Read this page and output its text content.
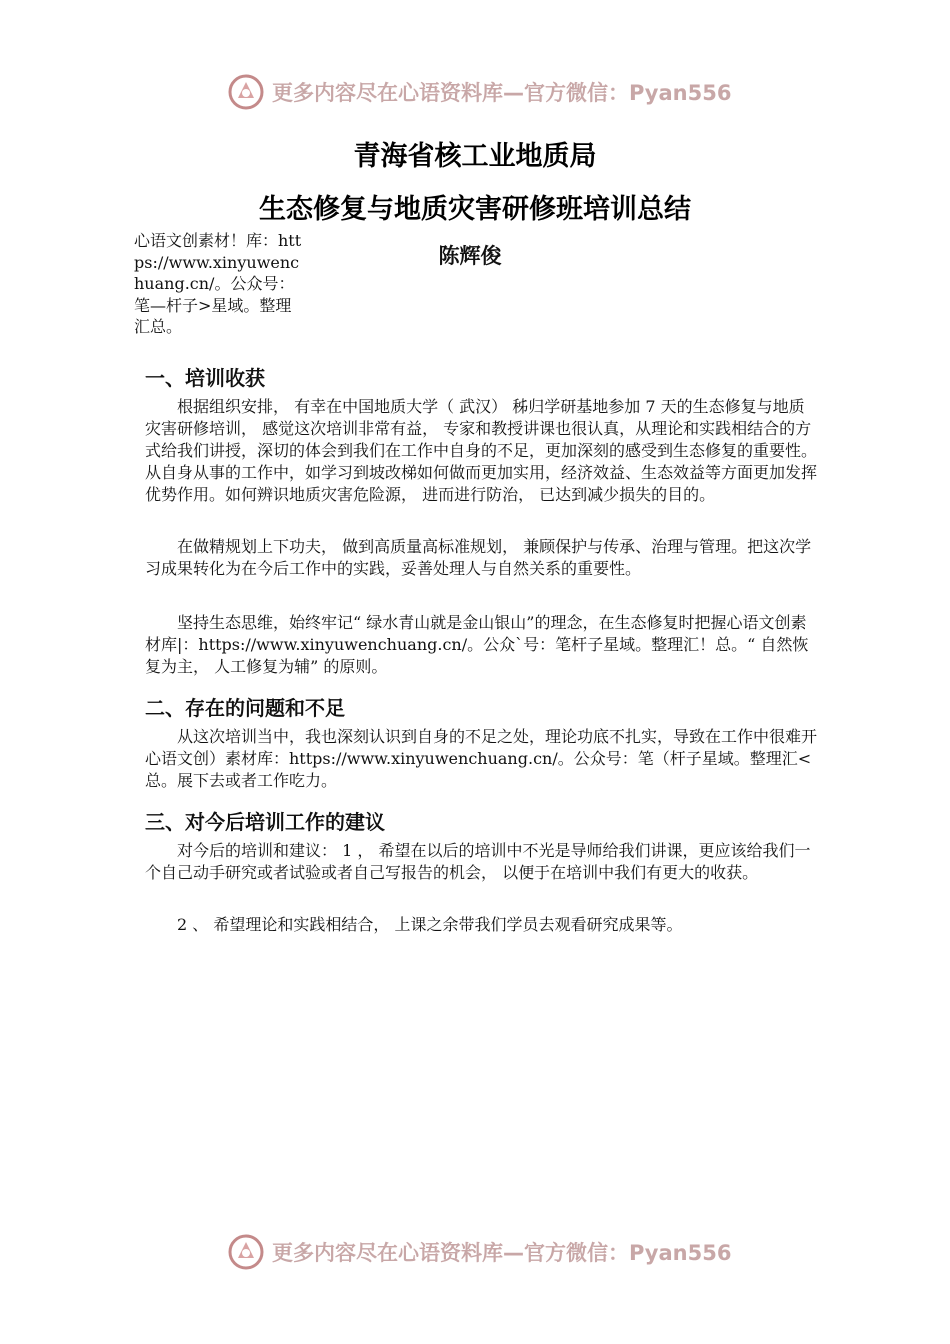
更多内容尽在心语资料库—官方微信：Pyan556
青海省核工业地质局
生态修复与地质灾害研修班培训总结
心语文创素材！库：https://www.xinyuwenchuang.cn/。公众号：笔—杆子>星域。整理汇总。
陈辉俊
一、培训收获

根据组织安排， 有幸在中国地质大学（ 武汉） 秭归学研基地参加 7 天的生态修复与地质灾害研修培训， 感觉这次培训非常有益， 专家和教授讲课也很认真，从理论和实践相结合的方式给我们讲授，深切的体会到我们在工作中自身的不足，更加深刻的感受到生态修复的重要性。从自身从事的工作中，如学习到坡改梯如何做而更加实用，经济效益、生态效益等方面更加发挥优势作用。如何辨识地质灾害危险源， 进而进行防治， 已达到减少损失的目的。

在做精规划上下功夫， 做到高质量高标准规划， 兼顾保护与传承、治理与管理。把这次学习成果转化为在今后工作中的实践，妥善处理人与自然关系的重要性。

坚持生态思维，始终牢记“ 绿水青山就是金山银山”的理念，在生态修复时把握心语文创素材库|：https://www.xinyuwenchuang.cn/。公众`号：笔杆子星域。整理汇！总。“ 自然恢复为主， 人工修复为辅” 的原则。

二、存在的问题和不足

从这次培训当中，我也深刻认识到自身的不足之处，理论功底不扎实，导致在工作中很难开心语文创）素材库：https://www.xinyuwenchuang.cn/。公众号：笔（杆子星域。整理汇<总。展下去或者工作吃力。

三、对今后培训工作的建议

对今后的培训和建议： 1 ， 希望在以后的培训中不光是导师给我们讲课，更应该给我们一个自己动手研究或者试验或者自己写报告的机会， 以便于在培训中我们有更大的收获。

2 、 希望理论和实践相结合， 上课之余带我们学员去观看研究成果等。

更多内容尽在心语资料库—官方微信：Pyan556
